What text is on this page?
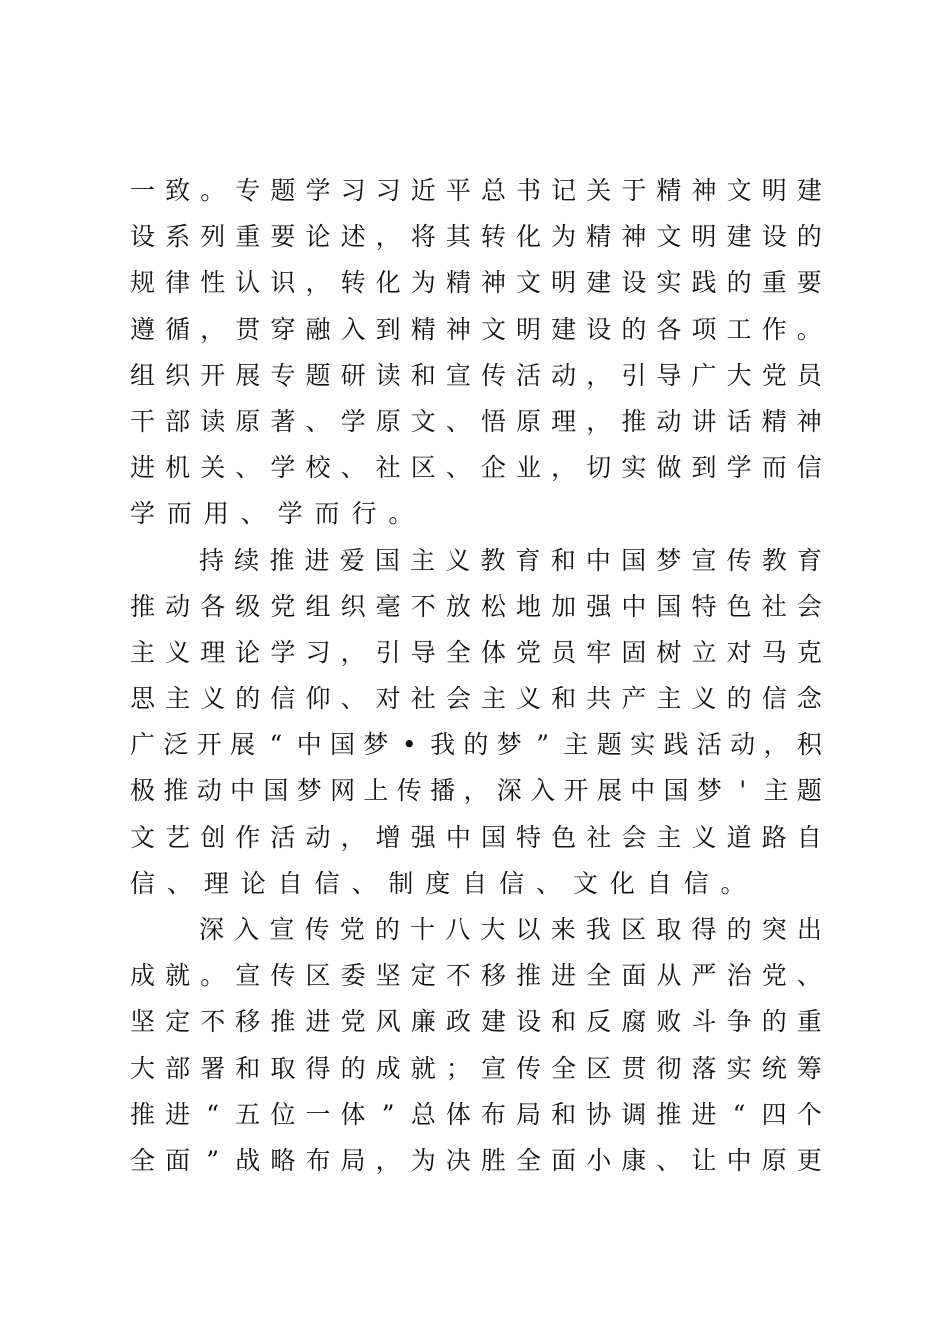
一 致 。 专 题 学 习 习 近 平 总 书 记 关 于 精 神 文 明 建
设 系 列 重 要 论 述 ， 将 其 转 化 为 精 神 文 明 建 设 的
规 律 性 认 识 ， 转 化 为 精 神 文 明 建 设 实 践 的 重 要
遵 循 ， 贯 穿 融 入 到 精 神 文 明 建 设 的 各 项 工 作 。
组 织 开 展 专 题 研 读 和 宣 传 活 动 ， 引 导 广 大 党 员
干 部 读 原 著 、 学 原 文 、 悟 原 理 ， 推 动 讲 话 精 神
进 机 关 、 学 校 、 社 区 、 企 业 ， 切 实 做 到 学 而 信
学 而 用 、 学 而 行 。
持 续 推 进 爱 国 主 义 教 育 和 中 国 梦 宣 传 教 育
推 动 各 级 党 组 织 毫 不 放 松 地 加 强 中 国 特 色 社 会
主 义 理 论 学 习 ， 引 导 全 体 党 员 牢 固 树 立 对 马 克
思 主 义 的 信 仰 、 对 社 会 主 义 和 共 产 主 义 的 信 念
广 泛 开 展 “ 中 国 梦 • 我 的 梦 ” 主 题 实 践 活 动 ， 积
极 推 动 中 国 梦 网 上 传 播 ， 深 入 开 展 中 国 梦 ' 主 题
文 艺 创 作 活 动 ， 增 强 中 国 特 色 社 会 主 义 道 路 自
信 、 理 论 自 信 、 制 度 自 信 、 文 化 自 信 。
深 入 宣 传 党 的 十 八 大 以 来 我 区 取 得 的 突 出
成 就 。 宣 传 区 委 坚 定 不 移 推 进 全 面 从 严 治 党 、
坚 定 不 移 推 进 党 风 廉 政 建 设 和 反 腐 败 斗 争 的 重
大 部 署 和 取 得 的 成 就 ； 宣 传 全 区 贯 彻 落 实 统 筹
推 进 “ 五 位 一 体 ” 总 体 布 局 和 协 调 推 进 “ 四 个
全 面 ” 战 略 布 局 ， 为 决 胜 全 面 小 康 、 让 中 原 更
